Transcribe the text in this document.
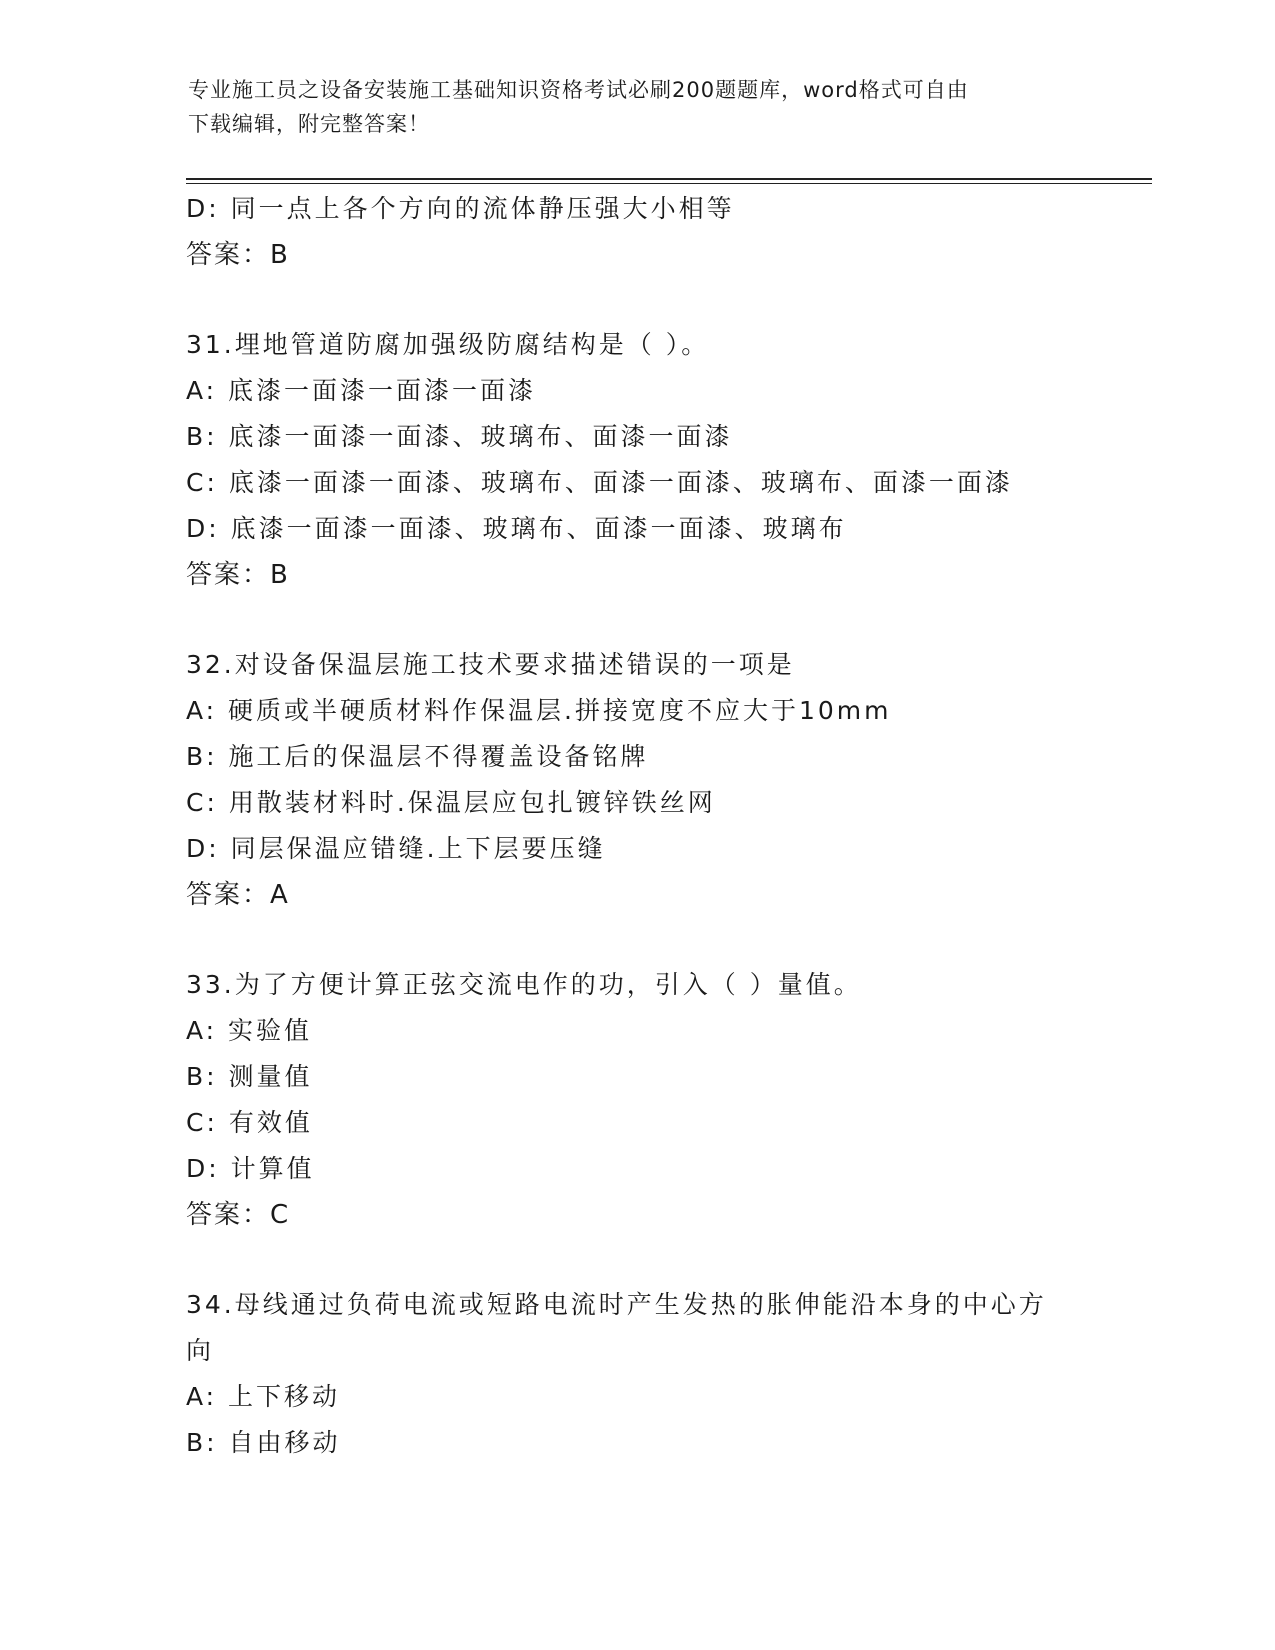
专业施工员之设备安装施工基础知识资格考试必刷200题题库，word格式可自由
下载编辑，附完整答案！
D: 同一点上各个方向的流体静压强大小相等
答案：B
31.埋地管道防腐加强级防腐结构是（ ）。
A: 底漆一面漆一面漆一面漆
B: 底漆一面漆一面漆、玻璃布、面漆一面漆
C: 底漆一面漆一面漆、玻璃布、面漆一面漆、玻璃布、面漆一面漆
D: 底漆一面漆一面漆、玻璃布、面漆一面漆、玻璃布
答案：B
32.对设备保温层施工技术要求描述错误的一项是
A: 硬质或半硬质材料作保温层.拼接宽度不应大于10mm
B: 施工后的保温层不得覆盖设备铭牌
C: 用散装材料时.保温层应包扎镀锌铁丝网
D: 同层保温应错缝.上下层要压缝
答案：A
33.为了方便计算正弦交流电作的功，引入（ ）量值。
A: 实验值
B: 测量值
C: 有效值
D: 计算值
答案：C
34.母线通过负荷电流或短路电流时产生发热的胀伸能沿本身的中心方向
A: 上下移动
B: 自由移动
